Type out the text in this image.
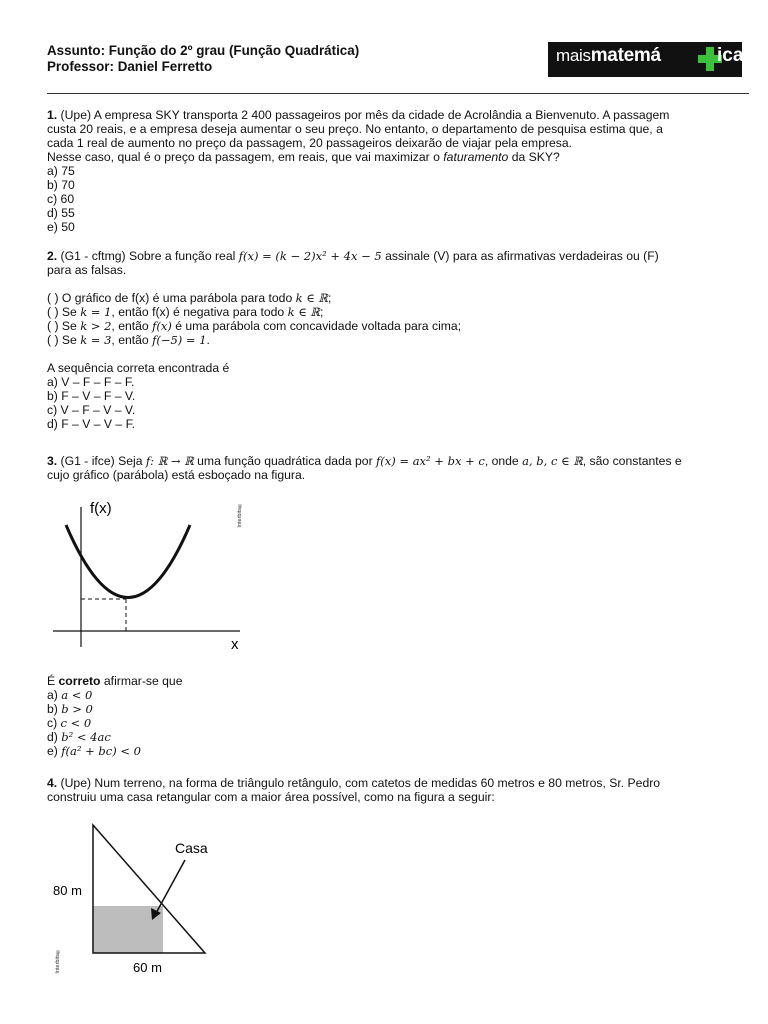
Assunto: Função do 2º grau (Função Quadrática)
Professor: Daniel Ferretto
maismatemá	ica

1. (Upe) A empresa SKY transporta 2 400 passageiros por mês da cidade de Acrolândia a Bienvenuto. A passagem

custa 20 reais, e a empresa deseja aumentar o seu preço. No entanto, o departamento de pesquisa estima que, a

cada 1 real de aumento no preço da passagem, 20 passageiros deixarão de viajar pela empresa.

Nesse caso, qual é o preço da passagem, em reais, que vai maximizar o faturamento da SKY?

a) 75

b) 70

c) 60

d) 55

e) 50

2. (G1 - cftmg) Sobre a função real f(x) = (k − 2)x² + 4x − 5 assinale (V) para as afirmativas verdadeiras ou (F)

para as falsas.

( ) O gráfico de f(x) é uma parábola para todo k ∈ ℝ;

( ) Se k = 1, então f(x) é negativa para todo k ∈ ℝ;

( ) Se k > 2, então f(x) é uma parábola com concavidade voltada para cima;

( ) Se k = 3, então f(−5) = 1.

A sequência correta encontrada é

a) V – F – F – F.

b) F – V – F – V.

c) V – F – V – V.

d) F – V – V – F.

3. (G1 - ifce) Seja f: ℝ → ℝ uma função quadrática dada por f(x) = ax² + bx + c, onde a, b, c ∈ ℝ, são constantes e

cujo gráfico (parábola) está esboçado na figura.

f(x)
x
Interbits®

É correto afirmar-se que

a) a < 0

b) b > 0

c) c < 0

d) b² < 4ac

e) f(a² + bc) < 0

4. (Upe) Num terreno, na forma de triângulo retângulo, com catetos de medidas 60 metros e 80 metros, Sr. Pedro

construiu uma casa retangular com a maior área possível, como na figura a seguir:

Casa
80 m
60 m
Interbits®
